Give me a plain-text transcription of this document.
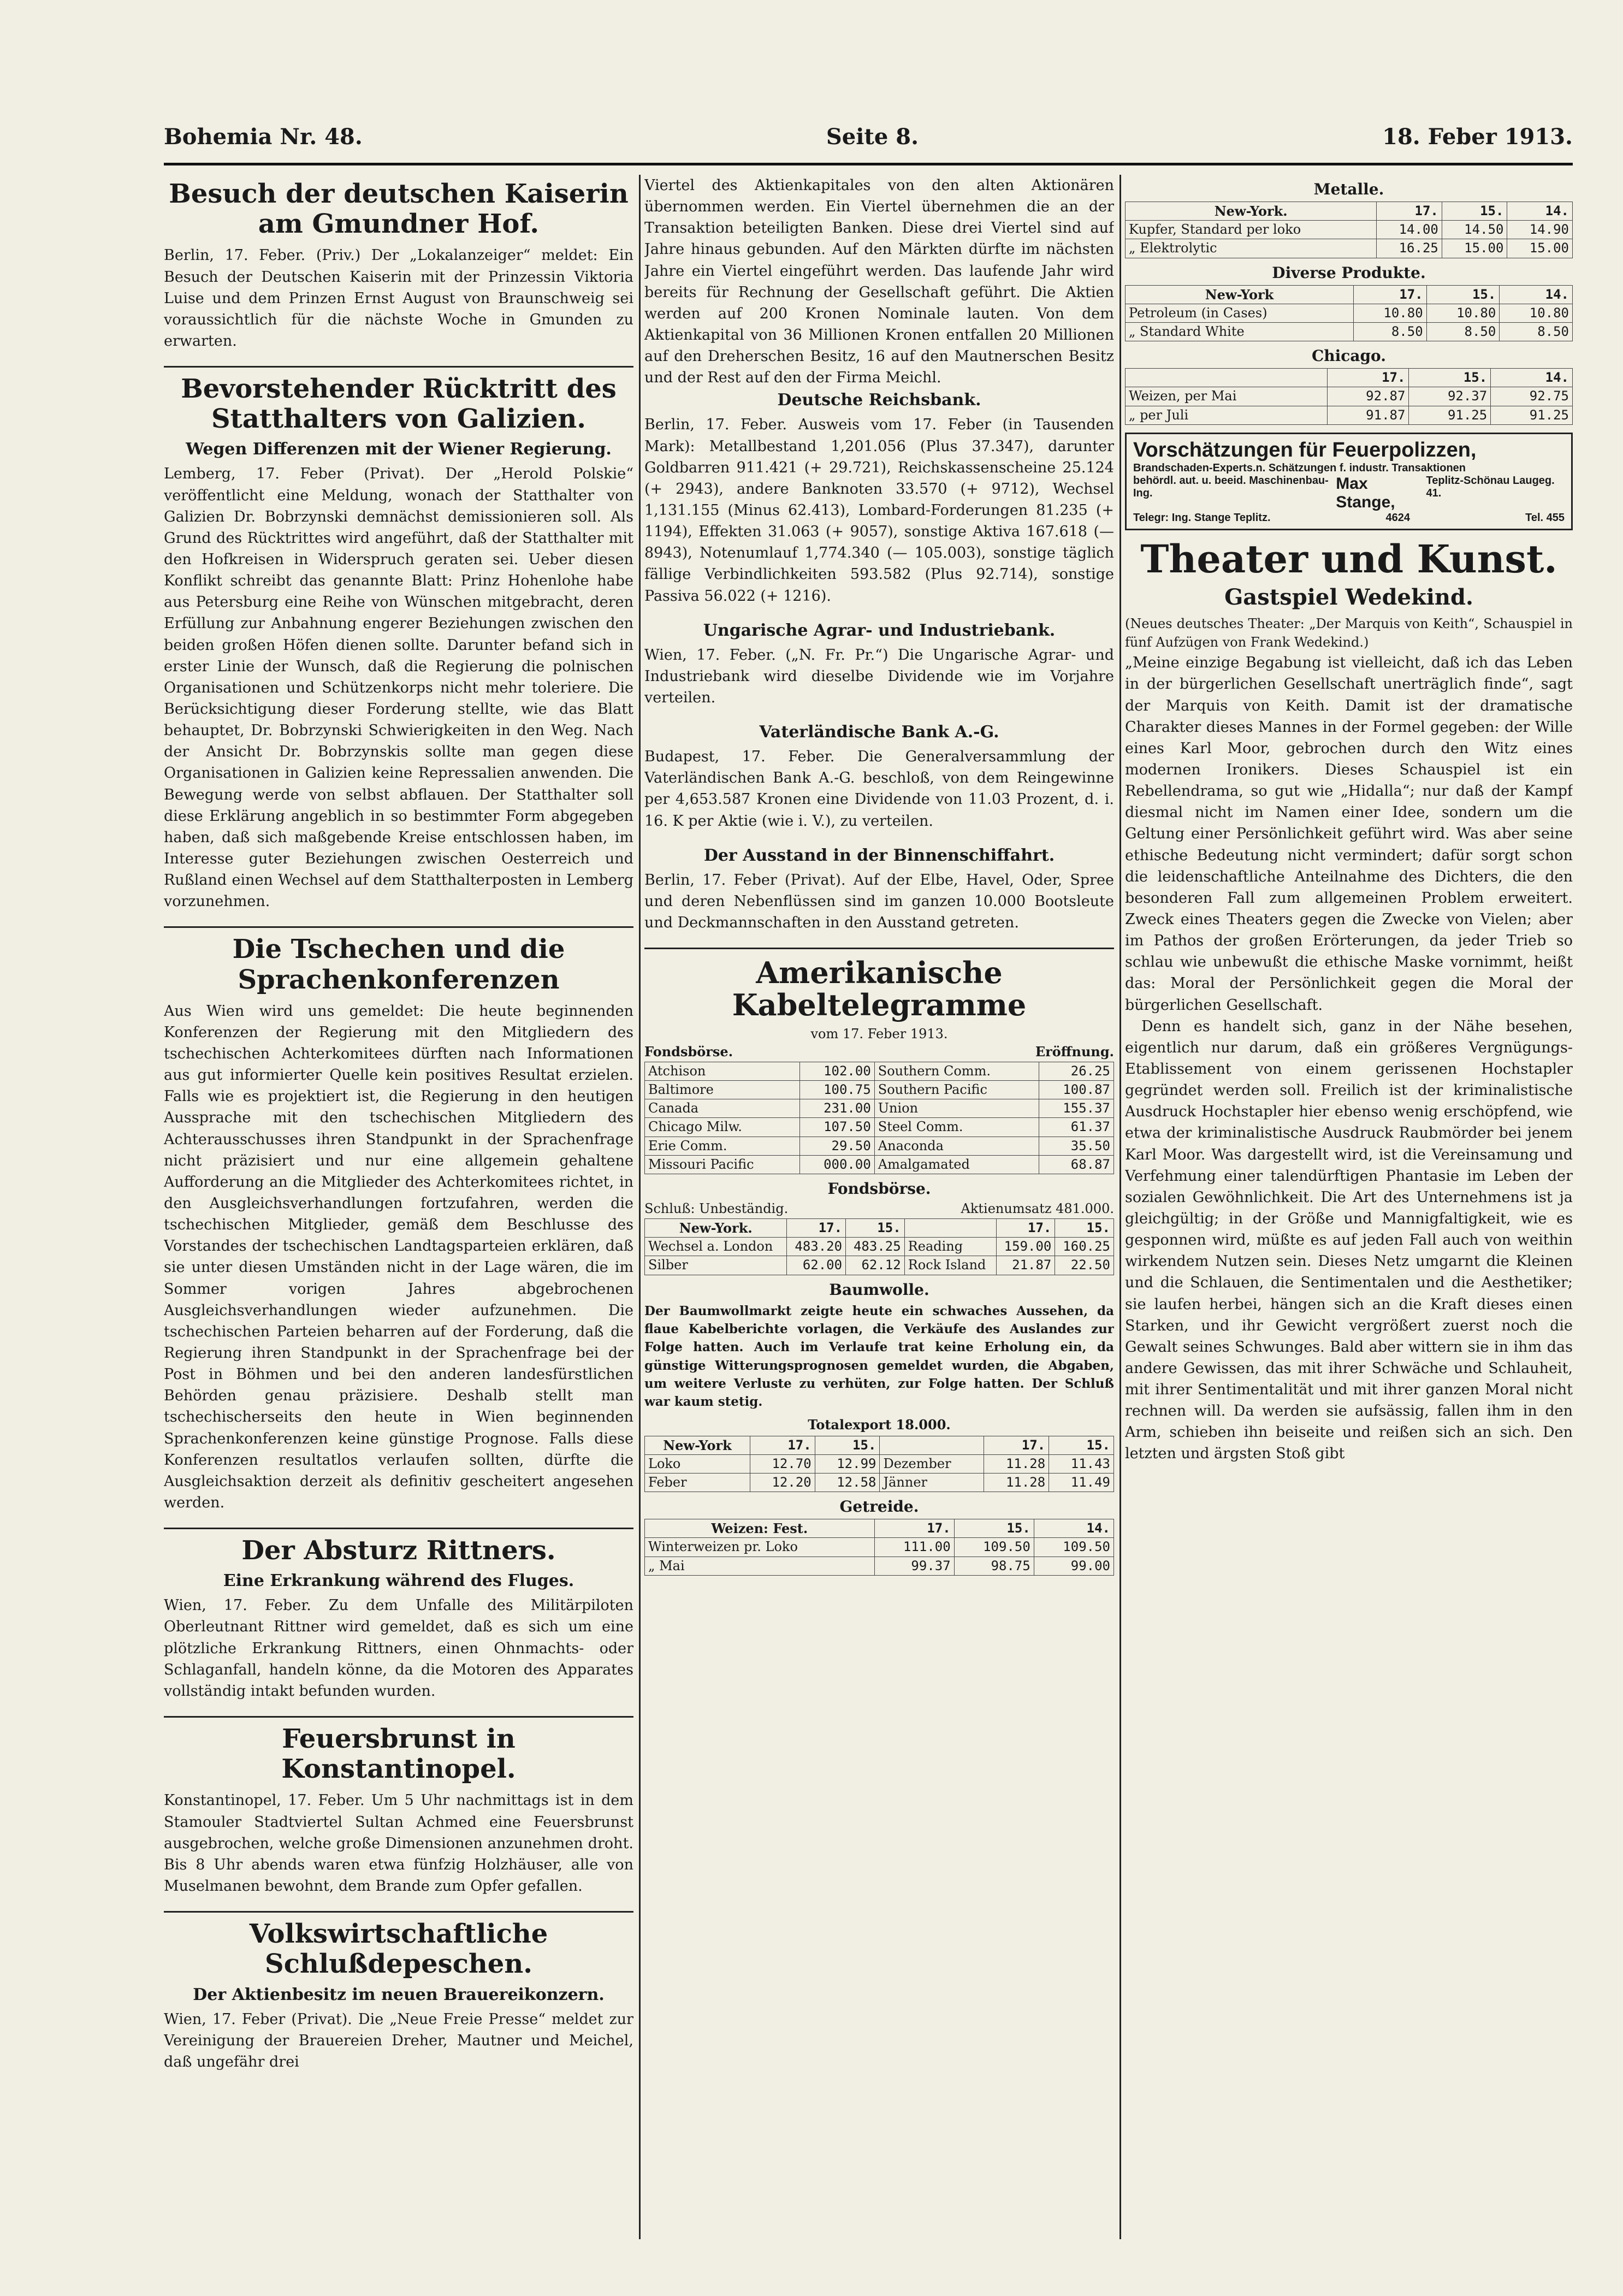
Bohemia Nr. 48.	Seite 8.	18. Feber 1913.
Besuch der deutschen Kaiserin am Gmundner Hof.

Berlin, 17. Feber. (Priv.) Der „Lokalanzeiger“ meldet: Ein Besuch der Deutschen Kaiserin mit der Prinzessin Viktoria Luise und dem Prinzen Ernst August von Braunschweig sei voraussichtlich für die nächste Woche in Gmunden zu erwarten.

Bevorstehender Rücktritt des Statthalters von Galizien.
Wegen Differenzen mit der Wiener Regierung.

Lemberg, 17. Feber (Privat). Der „Herold Polskie“ veröffentlicht eine Meldung, wonach der Statthalter von Galizien Dr. Bobrzynski demnächst demissionieren soll. Als Grund des Rücktrittes wird angeführt, daß der Statthalter mit den Hofkreisen in Widerspruch geraten sei. Ueber diesen Konflikt schreibt das genannte Blatt: Prinz Hohenlohe habe aus Petersburg eine Reihe von Wünschen mitgebracht, deren Erfüllung zur Anbahnung engerer Beziehungen zwischen den beiden großen Höfen dienen sollte. Darunter befand sich in erster Linie der Wunsch, daß die Regierung die polnischen Organisationen und Schützenkorps nicht mehr toleriere. Die Berücksichtigung dieser Forderung stellte, wie das Blatt behauptet, Dr. Bobrzynski Schwierigkeiten in den Weg. Nach der Ansicht Dr. Bobrzynskis sollte man gegen diese Organisationen in Galizien keine Repressalien anwenden. Die Bewegung werde von selbst abflauen. Der Statthalter soll diese Erklärung angeblich in so bestimmter Form abgegeben haben, daß sich maßgebende Kreise entschlossen haben, im Interesse guter Beziehungen zwischen Oesterreich und Rußland einen Wechsel auf dem Statthalterposten in Lemberg vorzunehmen.

Die Tschechen und die Sprachenkonferenzen

Aus Wien wird uns gemeldet: Die heute beginnenden Konferenzen der Regierung mit den Mitgliedern des tschechischen Achterkomitees dürften nach Informationen aus gut informierter Quelle kein positives Resultat erzielen. Falls wie es projektiert ist, die Regierung in den heutigen Aussprache mit den tschechischen Mitgliedern des Achterausschusses ihren Standpunkt in der Sprachenfrage nicht präzisiert und nur eine allgemein gehaltene Aufforderung an die Mitglieder des Achterkomitees richtet, in den Ausgleichsverhandlungen fortzufahren, werden die tschechischen Mitglieder, gemäß dem Beschlusse des Vorstandes der tschechischen Landtagsparteien erklären, daß sie unter diesen Umständen nicht in der Lage wären, die im Sommer vorigen Jahres abgebrochenen Ausgleichsverhandlungen wieder aufzunehmen. Die tschechischen Parteien beharren auf der Forderung, daß die Regierung ihren Standpunkt in der Sprachenfrage bei der Post in Böhmen und bei den anderen landesfürstlichen Behörden genau präzisiere. Deshalb stellt man tschechischerseits den heute in Wien beginnenden Sprachenkonferenzen keine günstige Prognose. Falls diese Konferenzen resultatlos verlaufen sollten, dürfte die Ausgleichsaktion derzeit als definitiv gescheitert angesehen werden.

Der Absturz Rittners.
Eine Erkrankung während des Fluges.

Wien, 17. Feber. Zu dem Unfalle des Militärpiloten Oberleutnant Rittner wird gemeldet, daß es sich um eine plötzliche Erkrankung Rittners, einen Ohnmachts- oder Schlaganfall, handeln könne, da die Motoren des Apparates vollständig intakt befunden wurden.

Feuersbrunst in Konstantinopel.

Konstantinopel, 17. Feber. Um 5 Uhr nachmittags ist in dem Stamouler Stadtviertel Sultan Achmed eine Feuersbrunst ausgebrochen, welche große Dimensionen anzunehmen droht. Bis 8 Uhr abends waren etwa fünfzig Holzhäuser, alle von Muselmanen bewohnt, dem Brande zum Opfer gefallen.

Volkswirtschaftliche Schlußdepeschen.
Der Aktienbesitz im neuen Brauereikonzern.

Wien, 17. Feber (Privat). Die „Neue Freie Presse“ meldet zur Vereinigung der Brauereien Dreher, Mautner und Meichel, daß ungefähr drei

Viertel des Aktienkapitales von den alten Aktionären übernommen werden. Ein Viertel übernehmen die an der Transaktion beteiligten Banken. Diese drei Viertel sind auf Jahre hinaus gebunden. Auf den Märkten dürfte im nächsten Jahre ein Viertel eingeführt werden. Das laufende Jahr wird bereits für Rechnung der Gesellschaft geführt. Die Aktien werden auf 200 Kronen Nominale lauten. Von dem Aktienkapital von 36 Millionen Kronen entfallen 20 Millionen auf den Dreherschen Besitz, 16 auf den Mautnerschen Besitz und der Rest auf den der Firma Meichl.

Deutsche Reichsbank.

Berlin, 17. Feber. Ausweis vom 17. Feber (in Tausenden Mark): Metallbestand 1,201.056 (Plus 37.347), darunter Goldbarren 911.421 (+ 29.721), Reichskassenscheine 25.124 (+ 2943), andere Banknoten 33.570 (+ 9712), Wechsel 1,131.155 (Minus 62.413), Lombard-Forderungen 81.235 (+ 1194), Effekten 31.063 (+ 9057), sonstige Aktiva 167.618 (— 8943), Notenumlauf 1,774.340 (— 105.003), sonstige täglich fällige Verbindlichkeiten 593.582 (Plus 92.714), sonstige Passiva 56.022 (+ 1216).

Ungarische Agrar- und Industriebank.

Wien, 17. Feber. („N. Fr. Pr.“) Die Ungarische Agrar- und Industriebank wird dieselbe Dividende wie im Vorjahre verteilen.

Vaterländische Bank A.-G.

Budapest, 17. Feber. Die Generalversammlung der Vaterländischen Bank A.-G. beschloß, von dem Reingewinne per 4,653.587 Kronen eine Dividende von 11.03 Prozent, d. i. 16. K per Aktie (wie i. V.), zu verteilen.

Der Ausstand in der Binnenschiffahrt.

Berlin, 17. Feber (Privat). Auf der Elbe, Havel, Oder, Spree und deren Nebenflüssen sind im ganzen 10.000 Bootsleute und Deckmannschaften in den Ausstand getreten.

Amerikanische Kabeltelegramme
vom 17. Feber 1913.
Fondsbörse.	Eröffnung.
Atchison	102.00	Southern Comm.	26.25
Baltimore	100.75	Southern Pacific	100.87
Canada	231.00	Union	155.37
Chicago Milw.	107.50	Steel Comm.	61.37
Erie Comm.	29.50	Anaconda	35.50
Missouri Pacific	000.00	Amalgamated	68.87
Fondsbörse.
Schluß: Unbeständig.	Aktienumsatz 481.000.
New-York.	17.	15.		17.	15.
Wechsel a. London	483.20	483.25	Reading	159.00	160.25
Silber	62.00	62.12	Rock Island	21.87	22.50
Baumwolle.

Der Baumwollmarkt zeigte heute ein schwaches Aussehen, da flaue Kabelberichte vorlagen, die Verkäufe des Auslandes zur Folge hatten. Auch im Verlaufe trat keine Erholung ein, da günstige Witterungsprognosen gemeldet wurden, die Abgaben, um weitere Verluste zu verhüten, zur Folge hatten. Der Schluß war kaum stetig.

Totalexport 18.000.
New-York	17.	15.		17.	15.
Loko	12.70	12.99	Dezember	11.28	11.43
Feber	12.20	12.58	Jänner	11.28	11.49
Getreide.
Weizen: Fest.	17.	15.	14.
Winterweizen pr. Loko	111.00	109.50	109.50
„ Mai	99.37	98.75	99.00
Metalle.
New-York.	17.	15.	14.
Kupfer, Standard per loko	14.00	14.50	14.90
„ Elektrolytic	16.25	15.00	15.00
Diverse Produkte.
New-York	17.	15.	14.
Petroleum (in Cases)	10.80	10.80	10.80
„ Standard White	8.50	8.50	8.50
Chicago.
	17.	15.	14.
Weizen, per Mai	92.87	92.37	92.75
„ per Juli	91.87	91.25	91.25
Vorschätzungen für Feuerpolizzen,
Brandschaden-Experts.n. Schätzungen f. industr. Transaktionen
behördl. aut. u. beeid. Maschinenbau-Ing.
Max Stange,
Teplitz-Schönau Laugeg. 41.
Telegr: Ing. Stange Teplitz.	4624	Tel. 455
Theater und Kunst.
Gastspiel Wedekind.

(Neues deutsches Theater: „Der Marquis von Keith“, Schauspiel in fünf Aufzügen von Frank Wedekind.)

„Meine einzige Begabung ist vielleicht, daß ich das Leben in der bürgerlichen Gesellschaft unerträglich finde“, sagt der Marquis von Keith. Damit ist der dramatische Charakter dieses Mannes in der Formel gegeben: der Wille eines Karl Moor, gebrochen durch den Witz eines modernen Ironikers. Dieses Schauspiel ist ein Rebellendrama, so gut wie „Hidalla“; nur daß der Kampf diesmal nicht im Namen einer Idee, sondern um die Geltung einer Persönlichkeit geführt wird. Was aber seine ethische Bedeutung nicht vermindert; dafür sorgt schon die leidenschaftliche Anteilnahme des Dichters, die den besonderen Fall zum allgemeinen Problem erweitert. Zweck eines Theaters gegen die Zwecke von Vielen; aber im Pathos der großen Erörterungen, da jeder Trieb so schlau wie unbewußt die ethische Maske vornimmt, heißt das: Moral der Persönlichkeit gegen die Moral der bürgerlichen Gesellschaft.

Denn es handelt sich, ganz in der Nähe besehen, eigentlich nur darum, daß ein größeres Vergnügungs-Etablissement von einem gerissenen Hochstapler gegründet werden soll. Freilich ist der kriminalistische Ausdruck Hochstapler hier ebenso wenig erschöpfend, wie etwa der kriminalistische Ausdruck Raubmörder bei jenem Karl Moor. Was dargestellt wird, ist die Vereinsamung und Verfehmung einer talendürftigen Phantasie im Leben der sozialen Gewöhnlichkeit. Die Art des Unternehmens ist ja gleichgültig; in der Größe und Mannigfaltigkeit, wie es gesponnen wird, müßte es auf jeden Fall auch von weithin wirkendem Nutzen sein. Dieses Netz umgarnt die Kleinen und die Schlauen, die Sentimentalen und die Aesthetiker; sie laufen herbei, hängen sich an die Kraft dieses einen Starken, und ihr Gewicht vergrößert zuerst noch die Gewalt seines Schwunges. Bald aber wittern sie in ihm das andere Gewissen, das mit ihrer Schwäche und Schlauheit, mit ihrer Sentimentalität und mit ihrer ganzen Moral nicht rechnen will. Da werden sie aufsässig, fallen ihm in den Arm, schieben ihn beiseite und reißen sich an sich. Den letzten und ärgsten Stoß gibt
